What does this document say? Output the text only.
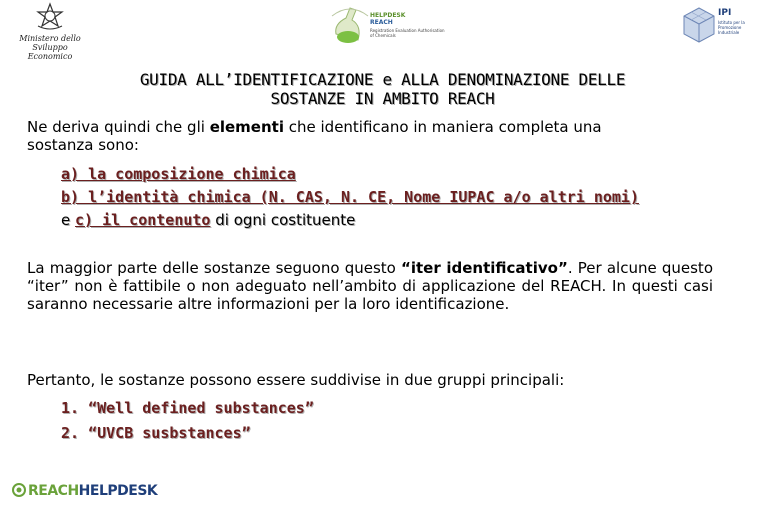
Ministero dello
Sviluppo Economico
HELPDESK
REACH
Registration Evaluation Authorisation of Chemicals
IPI
Istituto per la Promozione Industriale
GUIDA ALL’IDENTIFICAZIONE e ALLA DENOMINAZIONE DELLE
SOSTANZE IN AMBITO REACH
Ne deriva quindi che gli elementi che identificano in maniera completa una
sostanza sono:
a) la composizione chimica
b) l’identità chimica (N. CAS, N. CE, Nome IUPAC a/o altri nomi)
e c) il contenuto di ogni costituente
La maggior parte delle sostanze seguono questo “iter identificativo”. Per alcune questo “iter” non è fattibile o non adeguato nell’ambito di applicazione del REACH. In questi casi saranno necessarie altre informazioni per la loro identificazione.
Pertanto, le sostanze possono essere suddivise in due gruppi principali:
1. “Well defined substances”
2. “UVCB susbstances”
REACHHELPDESK
